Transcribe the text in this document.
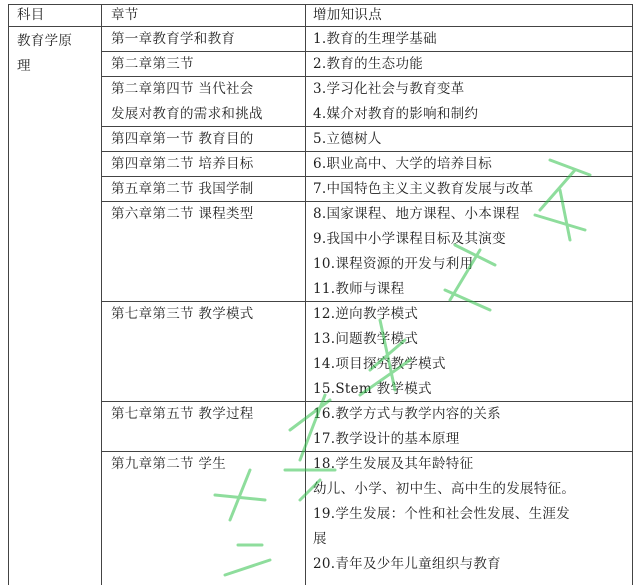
科目	章节	增加知识点
教育学原
理
第一章教育学和教育	1.教育的生理学基础
第二章第三节	2.教育的生态功能
第二章第四节 当代社会
发展对教育的需求和挑战
3.学习化社会与教育变革
4.媒介对教育的影响和制约
第四章第一节 教育目的	5.立德树人
第四章第二节 培养目标	6.职业高中、大学的培养目标
第五章第二节 我国学制	7.中国特色主义主义教育发展与改革
第六章第二节 课程类型	8.国家课程、地方课程、小本课程
9.我国中小学课程目标及其演变
10.课程资源的开发与利用
11.教师与课程
第七章第三节 教学模式	12.逆向教学模式
13.问题教学模式
14.项目探究教学模式
15.Stem 教学模式
第七章第五节 教学过程	16.教学方式与教学内容的关系
17.教学设计的基本原理
第九章第二节 学生	18.学生发展及其年龄特征
幼儿、小学、初中生、高中生的发展特征。
19.学生发展：个性和社会性发展、生涯发
展
20.青年及少年儿童组织与教育
